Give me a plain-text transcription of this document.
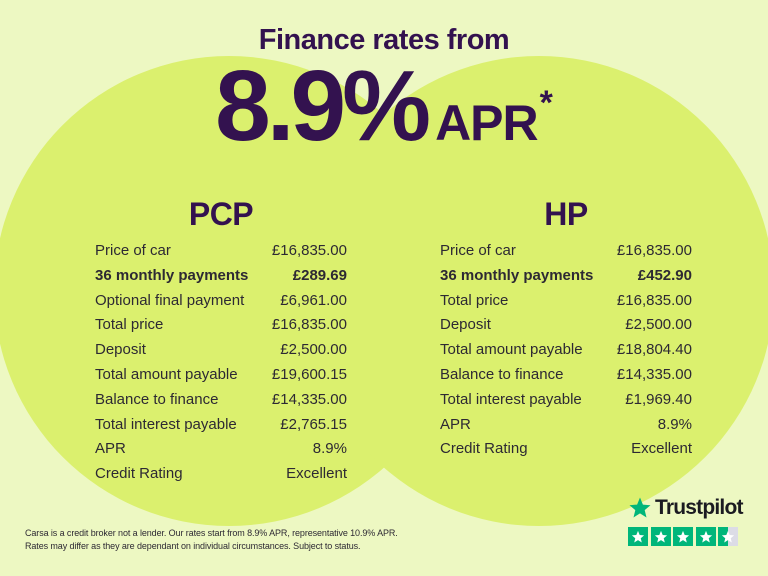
Finance rates from
8.9% APR *
PCP
Price of car	£16,835.00
36 monthly payments	£289.69
Optional final payment £6,961.00
Total price	£16,835.00
Deposit	£2,500.00
Total amount payable £19,600.15
Balance to finance	£14,335.00
Total interest payable	£2,765.15
APR	8.9%
Credit Rating	Excellent
HP
Price of car	£16,835.00
36 monthly payments	£452.90
Total price	£16,835.00
Deposit	£2,500.00
Total amount payable £18,804.40
Balance to finance	£14,335.00
Total interest payable	£1,969.40
APR	8.9%
Credit Rating	Excellent

Carsa is a credit broker not a lender. Our rates start from 8.9% APR, representative 10.9% APR.

Rates may differ as they are dependant on individual circumstances. Subject to status.

Trustpilot
